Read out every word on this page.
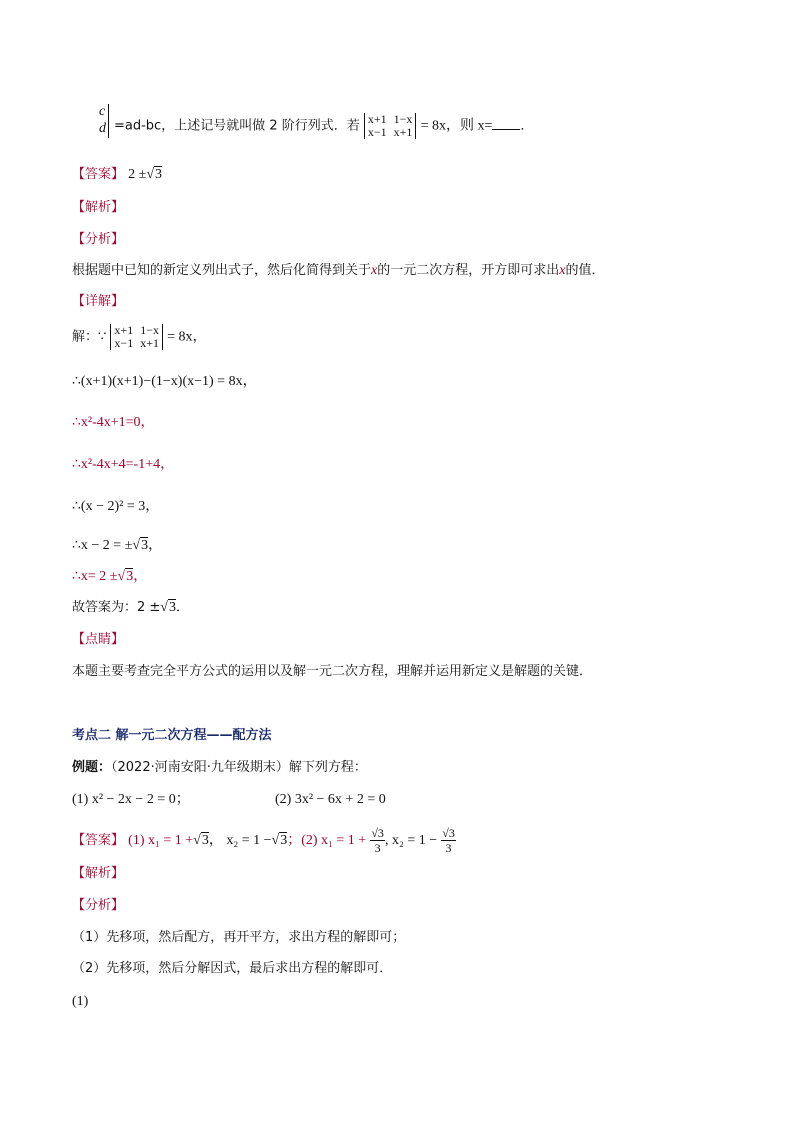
c
d =ad-bc，上述记号就叫做 2 阶行列式．若 x+1 1−x
x−1 x+1 = 8x，则 x= ．
【答案】 2 ±√3
【解析】
【分析】
根据题中已知的新定义列出式子，然后化简得到关于x的一元二次方程，开方即可求出x的值．
【详解】
解：∵ x+1 1−x
x−1 x+1 = 8x，
∴(x+1)(x+1)−(1−x)(x−1) = 8x，
∴x²-4x+1=0，
∴x²-4x+4=-1+4，
∴(x − 2)² = 3，
∴x − 2 = ±√3，
∴x= 2 ±√3，
故答案为：2 ±√3．
【点睛】
本题主要考查完全平方公式的运用以及解一元二次方程，理解并运用新定义是解题的关键．
考点二 解一元二次方程——配方法
例题：（2022·河南安阳·九年级期末）解下列方程：
(1) x² − 2x − 2 = 0；	(2) 3x² − 6x + 2 = 0
【答案】 (1) x₁ = 1 +√3， x₂ = 1 −√3；(2) $x_1 = 1 + \frac{√3}{3}$ , $x_2 = 1 - \frac{√3}{3}$
【解析】
【分析】
（1）先移项，然后配方，再开平方，求出方程的解即可；
（2）先移项，然后分解因式，最后求出方程的解即可．
(1)
